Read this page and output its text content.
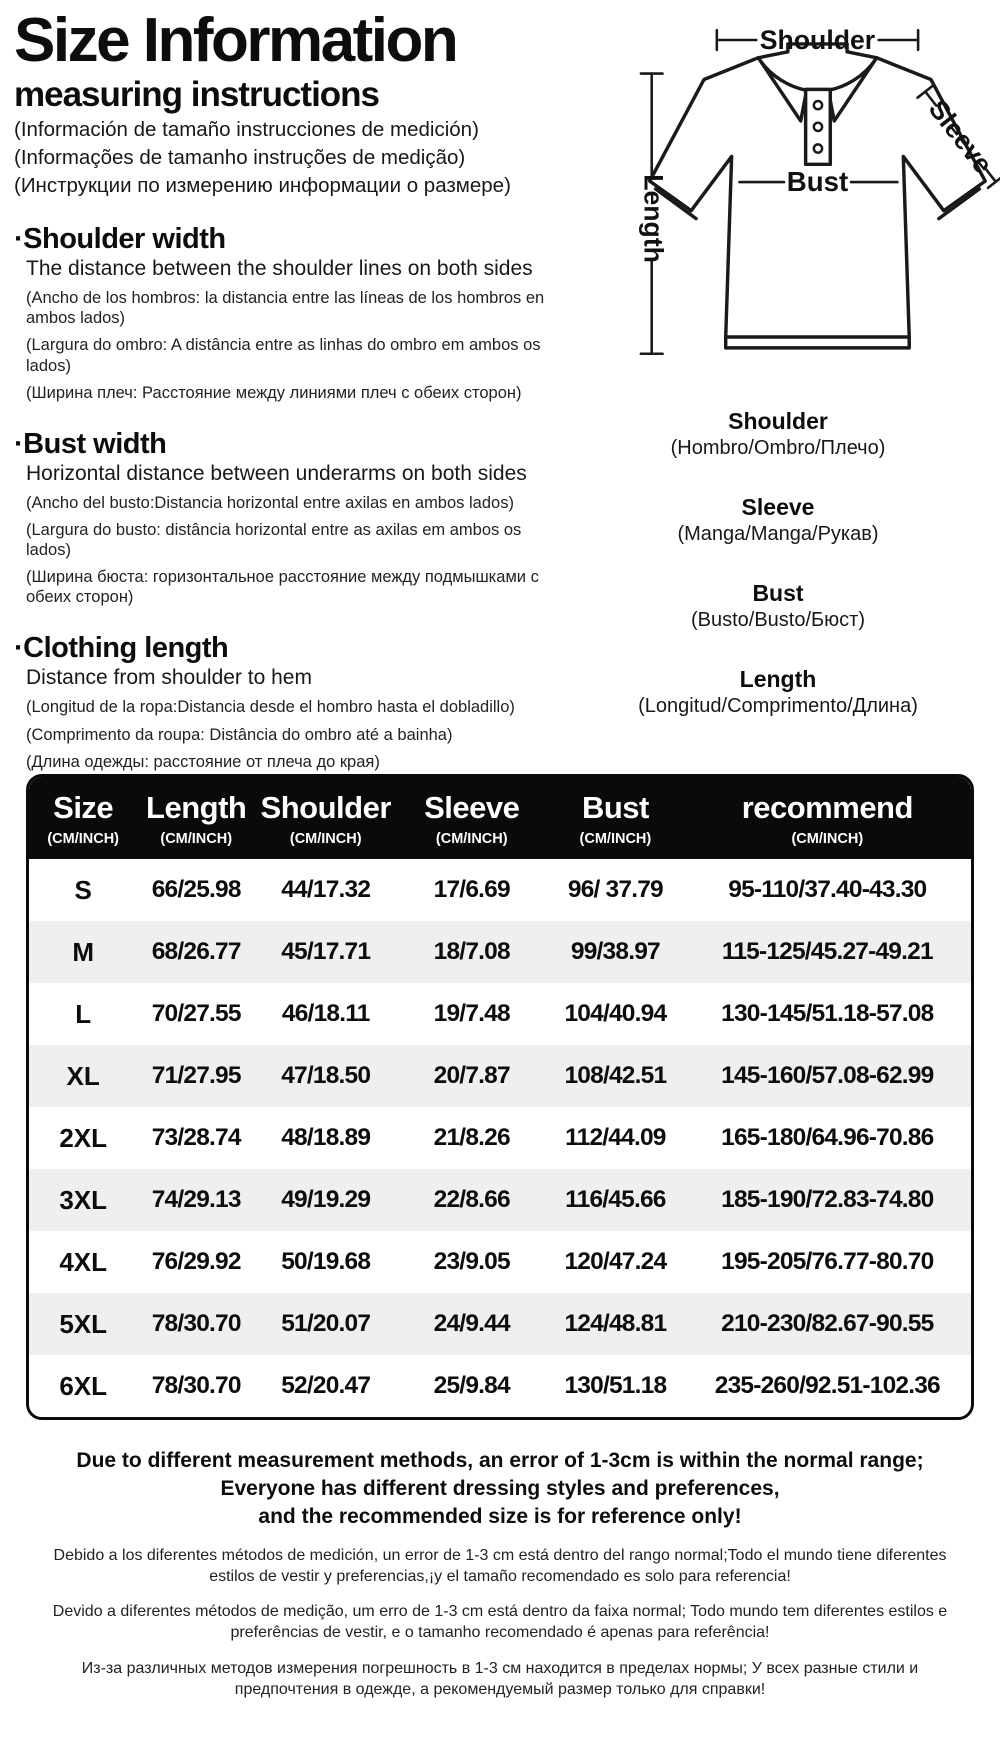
Size Information
measuring instructions
(Información de tamaño instrucciones de medición)
(Informações de tamanho instruções de medição)
(Инструкции по измерению информации о размере)
·Shoulder width
The distance between the shoulder lines on both sides
(Ancho de los hombros: la distancia entre las líneas de los hombros en ambos lados)
(Largura do ombro: A distância entre as linhas do ombro em ambos os lados)
(Ширина плеч: Расстояние между линиями плеч с обеих сторон)
·Bust width
Horizontal distance between underarms on both sides
(Ancho del busto:Distancia horizontal entre axilas en ambos lados)
(Largura do busto: distância horizontal entre as axilas em ambos os lados)
(Ширина бюста: горизонтальное расстояние между подмышками с обеих сторон)
·Clothing length
Distance from shoulder to hem
(Longitud de la ropa:Distancia desde el hombro hasta el dobladillo)
(Comprimento da roupa: Distância do ombro até a bainha)
(Длина одежды: расстояние от плеча до края)
Shoulder
Length
Sleeve
Bust
Shoulder
(Hombro/Ombro/Плечо)
Sleeve
(Manga/Manga/Рукав)
Bust
(Busto/Busto/Бюст)
Length
(Longitud/Comprimento/Длина)
Size
(CM/INCH)
Length
(CM/INCH)
Shoulder
(CM/INCH)
Sleeve
(CM/INCH)
Bust
(CM/INCH)
recommend
(CM/INCH)
S	66/25.98	44/17.32	17/6.69	96/ 37.79	95-110/37.40-43.30
M	68/26.77	45/17.71	18/7.08	99/38.97	115-125/45.27-49.21
L	70/27.55	46/18.11	19/7.48	104/40.94	130-145/51.18-57.08
XL	71/27.95	47/18.50	20/7.87	108/42.51	145-160/57.08-62.99
2XL	73/28.74	48/18.89	21/8.26	112/44.09	165-180/64.96-70.86
3XL	74/29.13	49/19.29	22/8.66	116/45.66	185-190/72.83-74.80
4XL	76/29.92	50/19.68	23/9.05	120/47.24	195-205/76.77-80.70
5XL	78/30.70	51/20.07	24/9.44	124/48.81	210-230/82.67-90.55
6XL	78/30.70	52/20.47	25/9.84	130/51.18	235-260/92.51-102.36
Due to different measurement methods, an error of 1-3cm is within the normal range;
Everyone has different dressing styles and preferences,
and the recommended size is for reference only!
Debido a los diferentes métodos de medición, un error de 1-3 cm está dentro del rango normal;Todo el mundo tiene diferentes estilos de vestir y preferencias,¡y el tamaño recomendado es solo para referencia!
Devido a diferentes métodos de medição, um erro de 1-3 cm está dentro da faixa normal; Todo mundo tem diferentes estilos e preferências de vestir, e o tamanho recomendado é apenas para referência!
Из-за различных методов измерения погрешность в 1-3 см находится в пределах нормы; У всех разные стили и предпочтения в одежде, а рекомендуемый размер только для справки!
